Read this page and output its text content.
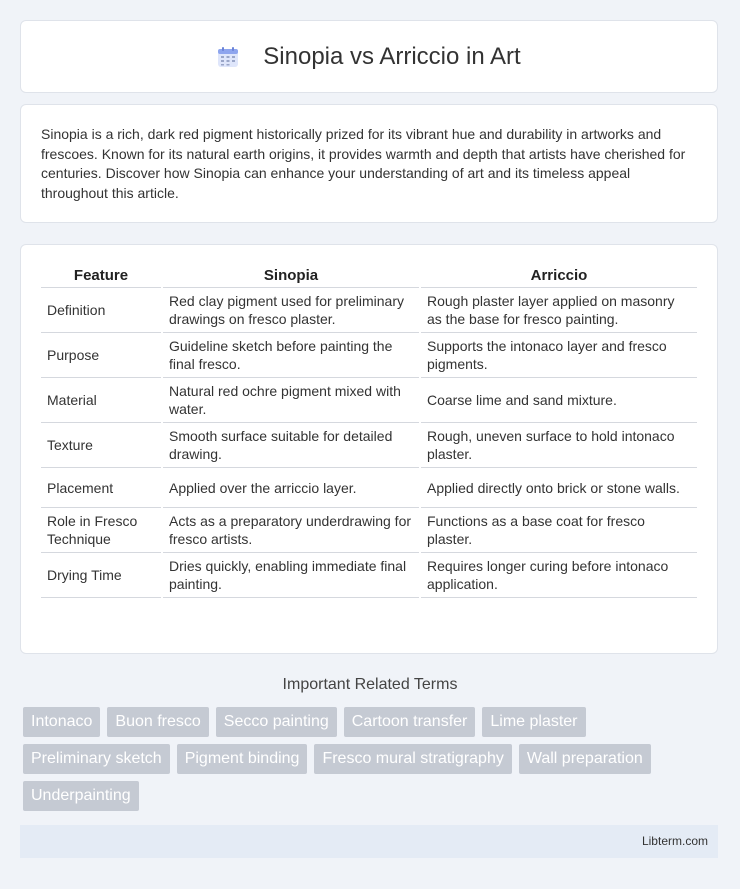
Sinopia vs Arriccio in Art

Sinopia is a rich, dark red pigment historically prized for its vibrant hue and durability in artworks and frescoes. Known for its natural earth origins, it provides warmth and depth that artists have cherished for centuries. Discover how Sinopia can enhance your understanding of art and its timeless appeal throughout this article.

Feature	Sinopia	Arriccio
Definition	Red clay pigment used for preliminary drawings on fresco plaster.	Rough plaster layer applied on masonry as the base for fresco painting.
Purpose	Guideline sketch before painting the final fresco.	Supports the intonaco layer and fresco pigments.
Material	Natural red ochre pigment mixed with water.	Coarse lime and sand mixture.
Texture	Smooth surface suitable for detailed drawing.	Rough, uneven surface to hold intonaco plaster.
Placement	Applied over the arriccio layer.	Applied directly onto brick or stone walls.
Role in Fresco Technique	Acts as a preparatory underdrawing for fresco artists.	Functions as a base coat for fresco plaster.
Drying Time	Dries quickly, enabling immediate final painting.	Requires longer curing before intonaco application.
Important Related Terms
Intonaco	Buon fresco	Secco painting	Cartoon transfer	Lime plaster
Preliminary sketch	Pigment binding	Fresco mural stratigraphy	Wall preparation
Underpainting
Libterm.com
